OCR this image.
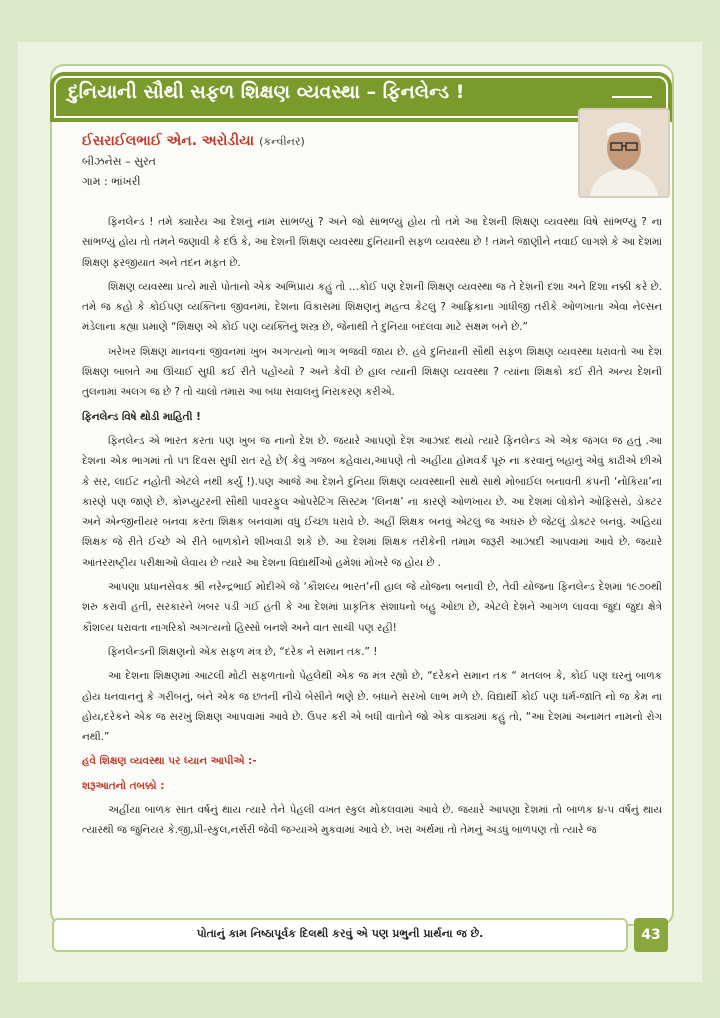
દુનિયાની સૌથી સફળ શિક્ષણ વ્યવસ્થા – ફિનલેન્ડ !
ઈસરાઈલભાઈ એન. અરોડીયા (કન્વીનર)
બીઝનેસ – સુરત
ગામ : ભાંખરી

ફિનલેન્ડ ! તમે ક્યારેય આ દેશનું નામ સાંભળ્યું ? અને જો સાંભળ્યું હોય તો તમે આ દેશની શિક્ષણ વ્યવસ્થા વિષે સાંભળ્યું ? ના સાંભળ્યું હોય તો તમને જણાવી કે દઉં કે, આ દેશની શિક્ષણ વ્યવસ્થા દુનિયાની સફળ વ્યવસ્થા છે ! તમને જાણીને નવાઈ લાગશે કે આ દેશમાં શિક્ષણ ફરજીયાત અને તદન મફત છે.

શિક્ષણ વ્યવસ્થા પ્રત્યે મારો પોતાનો એક અભિપ્રાય કહું તો …કોઈ પણ દેશની શિક્ષણ વ્યવસ્થા જ તે દેશની દશા અને દિશા નક્કી કરે છે. તમે જ કહો કે કોઈપણ વ્યક્તિના જીવનમાં, દેશના વિકાસમાં શિક્ષણનું મહત્વ કેટલું ? આફ્રિકાના ગાંધીજી તરીકે ઓળખાતા એવા નેલ્સન મંડેલાના કહ્યા પ્રમાણે “શિક્ષણ એ કોઈ પણ વ્યક્તિનું શસ્ત્ર છે, જેનાથી તે દુનિયા બદલવા માટે સક્ષમ બને છે.”

ખરેખર શિક્ષણ માનવનાં જીવનમાં ખુબ અગત્યનો ભાગ ભજવી જાય છે. હવે દુનિયાની સૌથી સફળ શિક્ષણ વ્યવસ્થા ધરાવતો આ દેશ શિક્ષણ બાબતે આ ઊંચાઈ સુધી કઈ રીતે પહોંચ્યો ? અને કેવી છે હાલ ત્યાની શિક્ષણ વ્યવસ્થા ? ત્યાંના શિક્ષકો કઈ રીતે અન્ય દેશની તુલનામાં અલગ જ છે ? તો ચાલો તમારા આ બધા સવાલનું નિરાકરણ કરીએ.

ફિનલેન્ડ વિષે થોડી માહિતી !

ફિનલેન્ડ એ ભારત કરતા પણ ખુબ જ નાનો દેશ છે. જયારે આપણો દેશ આઝાદ થયો ત્યારે ફિનલેન્ડ એ એક જંગલ જ હતું .આ દેશના એક ભાગમાં તો ૫૧ દિવસ સુધી રાત રહે છે( કેવું ગજબ કહેવાય,આપણે તો અહીંયા હોમવર્ક પૂરું ના કરવાનું બહાનું એવું કાઢીએ છીએ કે સર, લાઈટ નહોતી એટલે નથી કર્યું !).પણ આજે આ દેશને દુનિયા શિક્ષણ વ્યવસ્થાની સાથે સાથે મોબાઈલ બનાવતી કંપની ‘નોકિયા’ના કારણે પણ જાણે છે. કોમ્પ્યુટરની સૌથી પાવરફુલ ઓપરેટિંગ સિસ્ટમ ‘લિનક્ષ’ ના કારણે ઓળખાય છે. આ દેશમાં લોકોને ઓફિસરો, ડોક્ટર અને એન્જીનીયર બનવા કરતા શિક્ષક બનવામાં વધુ ઈચ્છા ધરાવે છે. અહીં શિક્ષક બનવું એટલું જ અઘરું છે જેટલું ડોક્ટર બનવું. અહિયાં શિક્ષક જે રીતે ઈચ્છે એ રીતે બાળકોને શીખવાડી શકે છે. આ દેશમાં શિક્ષક તરીકેની તમામ જરૂરી આઝાદી આપવામાં આવે છે. જયારે આંતરરાષ્ટ્રીય પરીક્ષાઓ લેવાય છે ત્યારે આ દેશના વિદ્યાર્થીઓ હમેશાં મોખરે જ હોય છે .

આપણા પ્રધાનસેવક શ્રી નરેન્દ્રભાઈ મોદીએ જે ‘કૌશલ્ય ભારત’ની હાલ જે યોજના બનાવી છે, તેવી યોજના ફિનલેન્ડ દેશમાં ૧૯૭૦થી શરુ કરાવી હતી, સરકારને ખબર પડી ગઈ હતી કે આ દેશમાં પ્રાકૃતિક સંશાધનો બહુ ઓછા છે, એટલે દેશને આગળ લાવવા જુદા જુદા ક્ષેત્રે કૌશલ્ય ધરાવતા નાગરિકો અગત્યનો હિસ્સો બનશે અને વાત સાચી પણ રહી!

ફિનલેન્ડની શિક્ષણનો એક સફળ મંત્ર છે, “દરેક ને સમાન તક.” !

આ દેશના શિક્ષણમાં આટલી મોટી સફળતાનો પેહલેથી એક જ મંત્ર રહ્યો છે, “દરેકને સમાન તક “ મતલબ કે, કોઈ પણ ઘરનું બાળક હોય ધનવાનનું કે ગરીબનું, બંને એક જ છતની નીચે બેસીને ભણે છે. બધાને સરખો લાભ મળે છે. વિદ્યાર્થી કોઈ પણ ધર્મ-જાતિ નો જ કેમ ના હોય,દરેકને એક જ સરખું શિક્ષણ આપવામાં આવે છે. ઉપર કરી એ બધી વાતોને જો એક વાક્યમાં કહું તો, “આ દેશમાં અનામત નામનો રોગ નથી.”

હવે શિક્ષણ વ્યવસ્થા પર ધ્યાન આપીએ :-

શરૂઆતનો તબક્કો :

અહીંયા બાળક સાત વર્ષનું થાય ત્યારે તેને પેહલી વખત સ્કુલ મોકલવામાં આવે છે. જયારે આપણા દેશમાં તો બાળક ૪-૫ વર્ષનું થાય ત્યારથી જ જુનિયર કે.જી,પ્રી-સ્કુલ,નર્સરી જેવી જગ્યાએ મુકવામાં આવે છે. ખરા અર્થમાં તો તેમનું અડધું બાળપણ તો ત્યારે જ

પોતાનું કામ નિષ્ઠાપૂર્વક દિલથી કરવું એ પણ પ્રભુની પ્રાર્થના જ છે.	43
